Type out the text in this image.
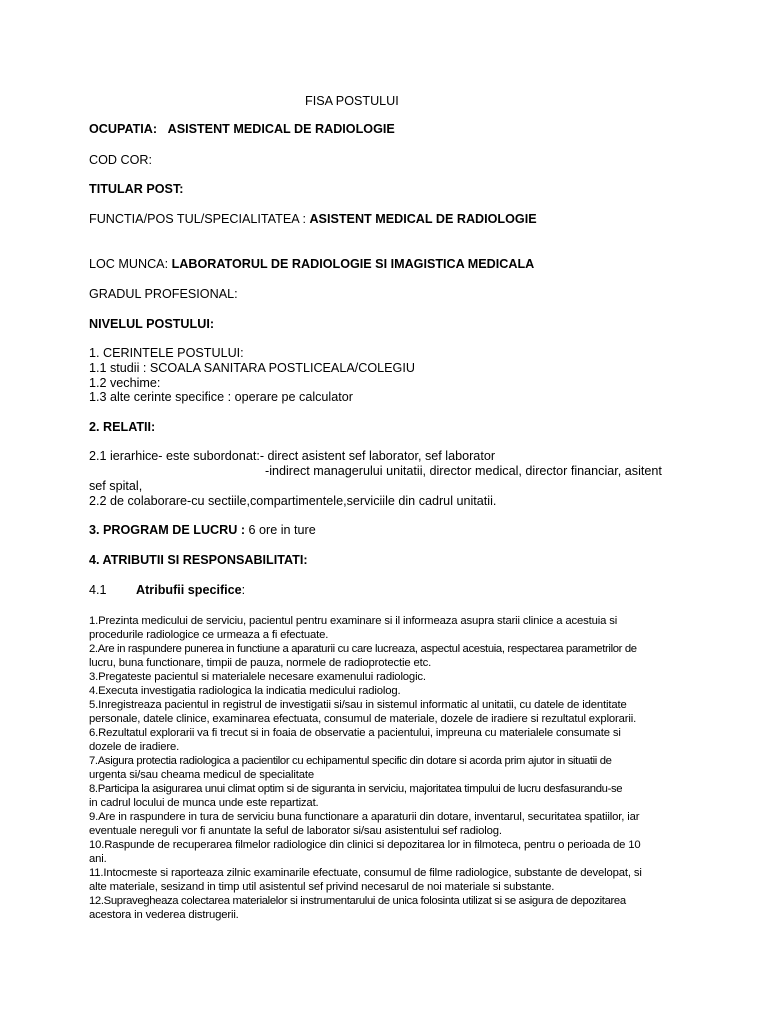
FISA POSTULUI
OCUPATIA: ASISTENT MEDICAL DE RADIOLOGIE
COD COR:
TITULAR POST:
FUNCTIA/POS TUL/SPECIALITATEA : ASISTENT MEDICAL DE RADIOLOGIE
LOC MUNCA: LABORATORUL DE RADIOLOGIE SI IMAGISTICA MEDICALA
GRADUL PROFESIONAL:
NIVELUL POSTULUI:
1. CERINTELE POSTULUI:
1.1 studii : SCOALA SANITARA POSTLICEALA/COLEGIU
1.2 vechime:
1.3 alte cerinte specifice : operare pe calculator
2. RELATII:
2.1 ierarhice- este subordonat:- direct asistent sef laborator, sef laborator
-indirect managerului unitatii, director medical, director financiar, asitent
sef spital,
2.2 de colaborare-cu sectiile,compartimentele,serviciile din cadrul unitatii.
3. PROGRAM DE LUCRU : 6 ore in ture
4. ATRIBUTII SI RESPONSABILITATI:
4.1 Atribufii specifice:
1.Prezinta medicului de serviciu, pacientul pentru examinare si il informeaza asupra starii clinice a acestuia si
procedurile radiologice ce urmeaza a fi efectuate.
2.Are in raspundere punerea in functiune a aparaturii cu care lucreaza, aspectul acestuia, respectarea parametrilor de
lucru, buna functionare, timpii de pauza, normele de radioprotectie etc.
3.Pregateste pacientul si materialele necesare examenului radiologic.
4.Executa investigatia radiologica la indicatia medicului radiolog.
5.Inregistreaza pacientul in registrul de investigatii si/sau in sistemul informatic al unitatii, cu datele de identitate
personale, datele clinice, examinarea efectuata, consumul de materiale, dozele de iradiere si rezultatul explorarii.
6.Rezultatul explorarii va fi trecut si in foaia de observatie a pacientului, impreuna cu materialele consumate si
dozele de iradiere.
7.Asigura protectia radiologica a pacientilor cu echipamentul specific din dotare si acorda prim ajutor in situatii de
urgenta si/sau cheama medicul de specialitate
8.Participa la asigurarea unui climat optim si de siguranta in serviciu, majoritatea timpului de lucru desfasurandu-se
in cadrul locului de munca unde este repartizat.
9.Are in raspundere in tura de serviciu buna functionare a aparaturii din dotare, inventarul, securitatea spatiilor, iar
eventuale nereguli vor fi anuntate la seful de laborator si/sau asistentului sef radiolog.
10.Raspunde de recuperarea filmelor radiologice din clinici si depozitarea lor in filmoteca, pentru o perioada de 10
ani.
11.Intocmeste si raporteaza zilnic examinarile efectuate, consumul de filme radiologice, substante de developat, si
alte materiale, sesizand in timp util asistentul sef privind necesarul de noi materiale si substante.
12.Supravegheaza colectarea materialelor si instrumentarului de unica folosinta utilizat si se asigura de depozitarea
acestora in vederea distrugerii.
